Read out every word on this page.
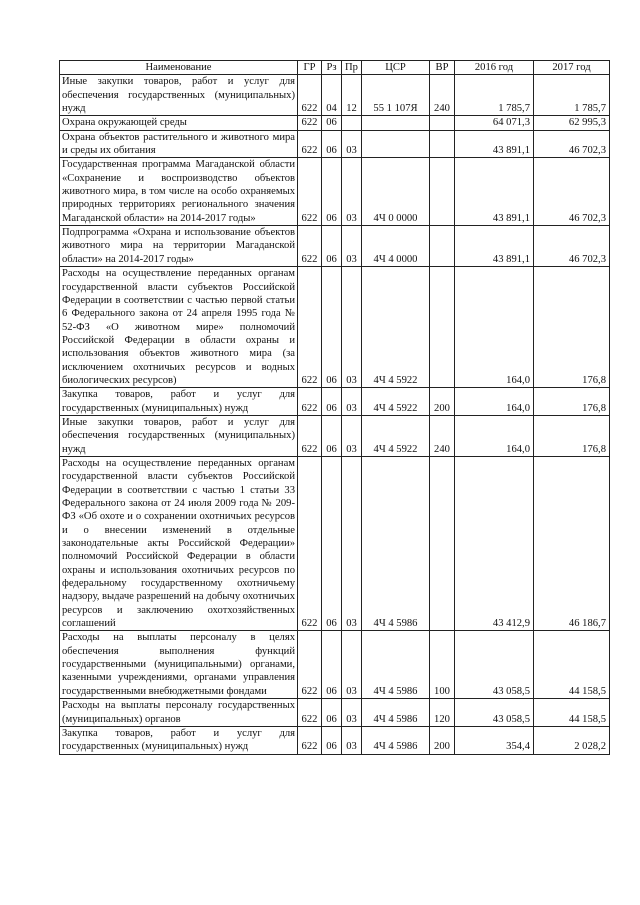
Наименование	ГР	Рз	Пр	ЦСР	ВР	2016 год	2017 год
Иные закупки товаров, работ и услуг для обеспечения государственных (муниципальных) нужд	622	04	12	55 1 107Я	240	1 785,7	1 785,7
Охрана окружающей среды	622	06				64 071,3	62 995,3
Охрана объектов растительного и животного мира и среды их обитания	622	06	03			43 891,1	46 702,3
Государственная программа Магаданской области «Сохранение и воспроизводство объектов животного мира, в том числе на особо охраняемых природных территориях регионального значения Магаданской области» на 2014-2017 годы»	622	06	03	4Ч 0 0000		43 891,1	46 702,3
Подпрограмма «Охрана и использование объектов животного мира на территории Магаданской области» на 2014-2017 годы»	622	06	03	4Ч 4 0000		43 891,1	46 702,3
Расходы на осуществление переданных органам государственной власти субъектов Российской Федерации в соответствии с частью первой статьи 6 Федерального закона от 24 апреля 1995 года № 52-ФЗ «О животном мире» полномочий Российской Федерации в области охраны и использования объектов животного мира (за исключением охотничьих ресурсов и водных биологических ресурсов)	622	06	03	4Ч 4 5922		164,0	176,8
Закупка товаров, работ и услуг для государственных (муниципальных) нужд	622	06	03	4Ч 4 5922	200	164,0	176,8
Иные закупки товаров, работ и услуг для обеспечения государственных (муниципальных) нужд	622	06	03	4Ч 4 5922	240	164,0	176,8
Расходы на осуществление переданных органам государственной власти субъектов Российской Федерации в соответствии с частью 1 статьи 33 Федерального закона от 24 июля 2009 года № 209-ФЗ «Об охоте и о сохранении охотничьих ресурсов и о внесении изменений в отдельные законодательные акты Российской Федерации» полномочий Российской Федерации в области охраны и использования охотничьих ресурсов по федеральному государственному охотничьему надзору, выдаче разрешений на добычу охотничьих ресурсов и заключению охотхозяйственных соглашений	622	06	03	4Ч 4 5986		43 412,9	46 186,7
Расходы на выплаты персоналу в целях обеспечения выполнения функций государственными (муниципальными) органами, казенными учреждениями, органами управления государственными внебюджетными фондами	622	06	03	4Ч 4 5986	100	43 058,5	44 158,5
Расходы на выплаты персоналу государственных (муниципальных) органов	622	06	03	4Ч 4 5986	120	43 058,5	44 158,5
Закупка товаров, работ и услуг для государственных (муниципальных) нужд	622	06	03	4Ч 4 5986	200	354,4	2 028,2
